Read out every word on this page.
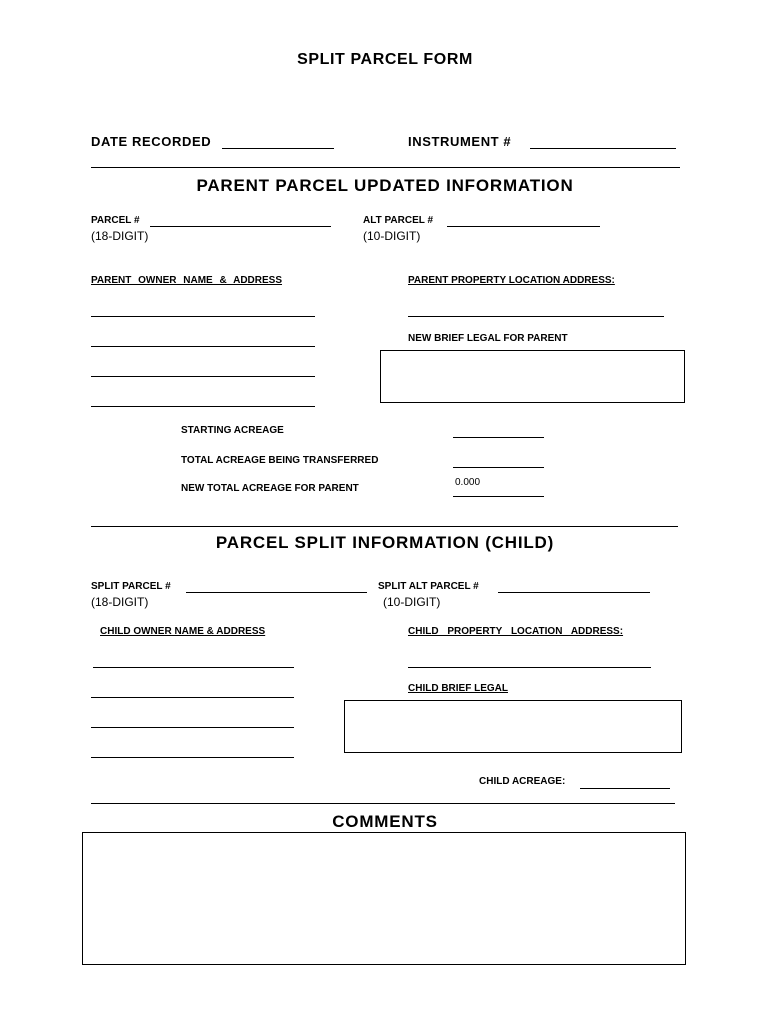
SPLIT PARCEL FORM
DATE RECORDED	INSTRUMENT #
PARENT PARCEL UPDATED INFORMATION
PARCEL #
(18-DIGIT)
ALT PARCEL #
(10-DIGIT)
PARENT OWNER NAME & ADDRESS	PARENT PROPERTY LOCATION ADDRESS:
NEW BRIEF LEGAL FOR PARENT
STARTING ACREAGE
TOTAL ACREAGE BEING TRANSFERRED
NEW TOTAL ACREAGE FOR PARENT
0.000
PARCEL SPLIT INFORMATION (CHILD)
SPLIT PARCEL #
(18-DIGIT)
SPLIT ALT PARCEL #
(10-DIGIT)
CHILD OWNER NAME & ADDRESS	CHILD PROPERTY LOCATION ADDRESS:
CHILD BRIEF LEGAL
CHILD ACREAGE:
COMMENTS
